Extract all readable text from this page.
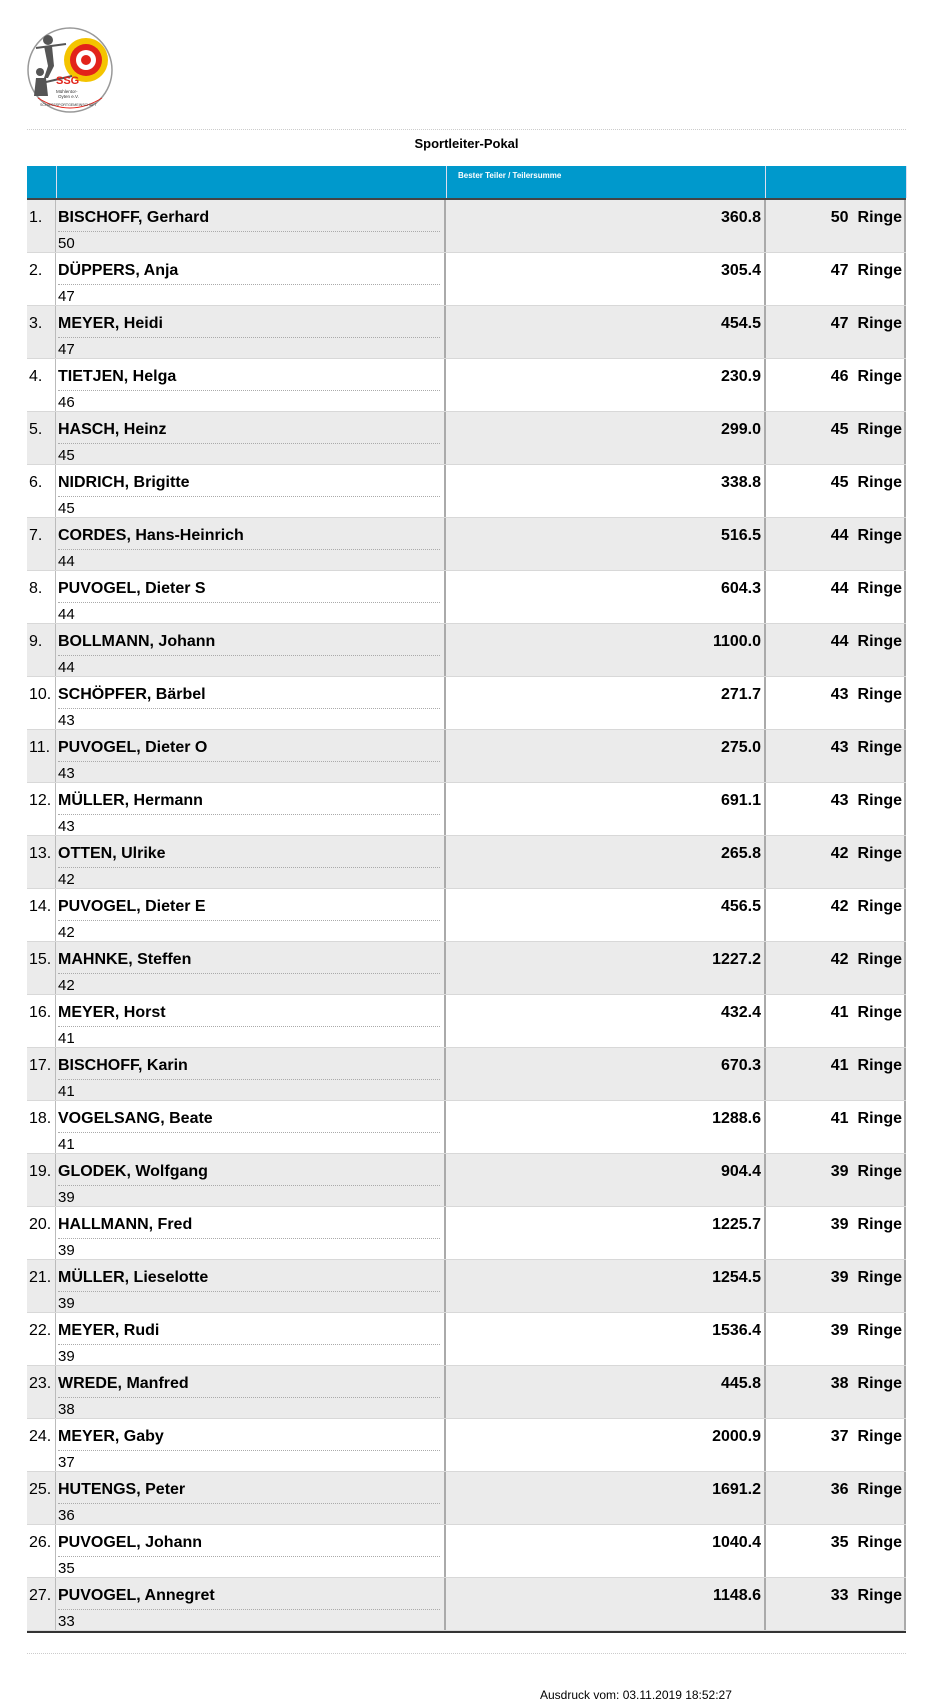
SSG
Mühlentor-
Oyten e.V.
SCHIESSSPORTGEMEINSCHAFT
Sportleiter-Pokal
Bester Teiler / Teilersumme
1. BISCHOFF, Gerhard
50
360.8	50 Ringe
2. DÜPPERS, Anja
47
305.4	47 Ringe
3. MEYER, Heidi
47
454.5	47 Ringe
4. TIETJEN, Helga
46
230.9	46 Ringe
5. HASCH, Heinz
45
299.0	45 Ringe
6. NIDRICH, Brigitte
45
338.8	45 Ringe
7. CORDES, Hans-Heinrich
44
516.5	44 Ringe
8. PUVOGEL, Dieter S
44
604.3	44 Ringe
9. BOLLMANN, Johann
44
1100.0	44 Ringe
10. SCHÖPFER, Bärbel
43
271.7	43 Ringe
11. PUVOGEL, Dieter O
43
275.0	43 Ringe
12. MÜLLER, Hermann
43
691.1	43 Ringe
13. OTTEN, Ulrike
42
265.8	42 Ringe
14. PUVOGEL, Dieter E
42
456.5	42 Ringe
15. MAHNKE, Steffen
42
1227.2	42 Ringe
16. MEYER, Horst
41
432.4	41 Ringe
17. BISCHOFF, Karin
41
670.3	41 Ringe
18. VOGELSANG, Beate
41
1288.6	41 Ringe
19. GLODEK, Wolfgang
39
904.4	39 Ringe
20. HALLMANN, Fred
39
1225.7	39 Ringe
21. MÜLLER, Lieselotte
39
1254.5	39 Ringe
22. MEYER, Rudi
39
1536.4	39 Ringe
23. WREDE, Manfred
38
445.8	38 Ringe
24. MEYER, Gaby
37
2000.9	37 Ringe
25. HUTENGS, Peter
36
1691.2	36 Ringe
26. PUVOGEL, Johann
35
1040.4	35 Ringe
27. PUVOGEL, Annegret
33
1148.6	33 Ringe
Ausdruck vom: 03.11.2019 18:52:27
